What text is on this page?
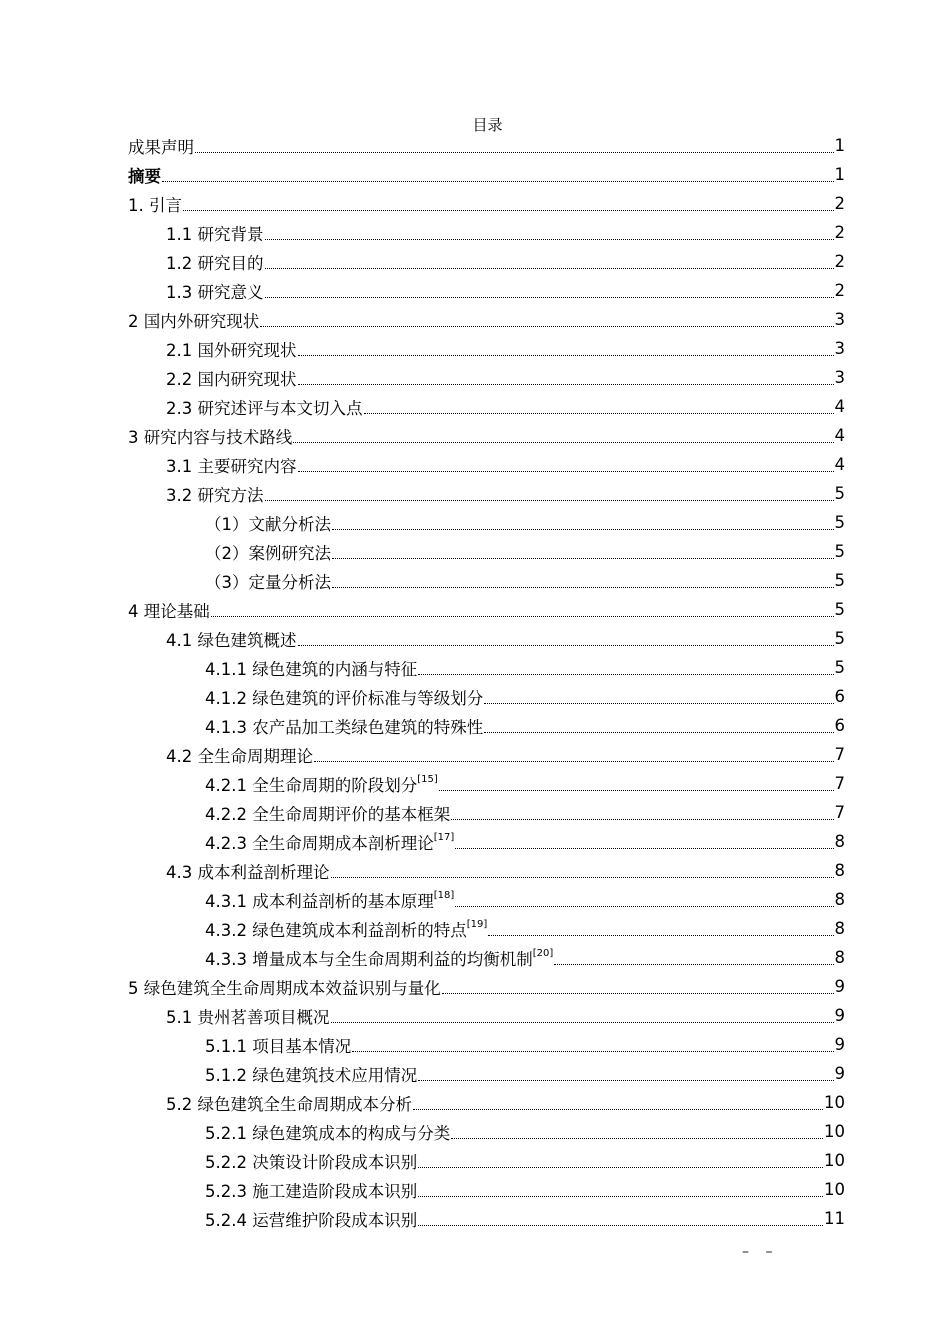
目录
成果声明	1
摘要	1
1. 引言	2
1.1 研究背景	2
1.2 研究目的	2
1.3 研究意义	2
2 国内外研究现状	3
2.1 国外研究现状	3
2.2 国内研究现状	3
2.3 研究述评与本文切入点	4
3 研究内容与技术路线	4
3.1 主要研究内容	4
3.2 研究方法	5
（1）文献分析法	5
（2）案例研究法	5
（3）定量分析法	5
4 理论基础	5
4.1 绿色建筑概述	5
4.1.1 绿色建筑的内涵与特征	5
4.1.2 绿色建筑的评价标准与等级划分	6
4.1.3 农产品加工类绿色建筑的特殊性	6
4.2 全生命周期理论	7
4.2.1 全生命周期的阶段划分[15]	7
4.2.2 全生命周期评价的基本框架	7
4.2.3 全生命周期成本剖析理论[17]	8
4.3 成本利益剖析理论	8
4.3.1 成本利益剖析的基本原理[18]	8
4.3.2 绿色建筑成本利益剖析的特点[19]	8
4.3.3 增量成本与全生命周期利益的均衡机制[20]	8
5 绿色建筑全生命周期成本效益识别与量化	9
5.1 贵州茗善项目概况	9
5.1.1 项目基本情况	9
5.1.2 绿色建筑技术应用情况	9
5.2 绿色建筑全生命周期成本分析	10
5.2.1 绿色建筑成本的构成与分类	10
5.2.2 决策设计阶段成本识别	10
5.2.3 施工建造阶段成本识别	10
5.2.4 运营维护阶段成本识别	11
– –
